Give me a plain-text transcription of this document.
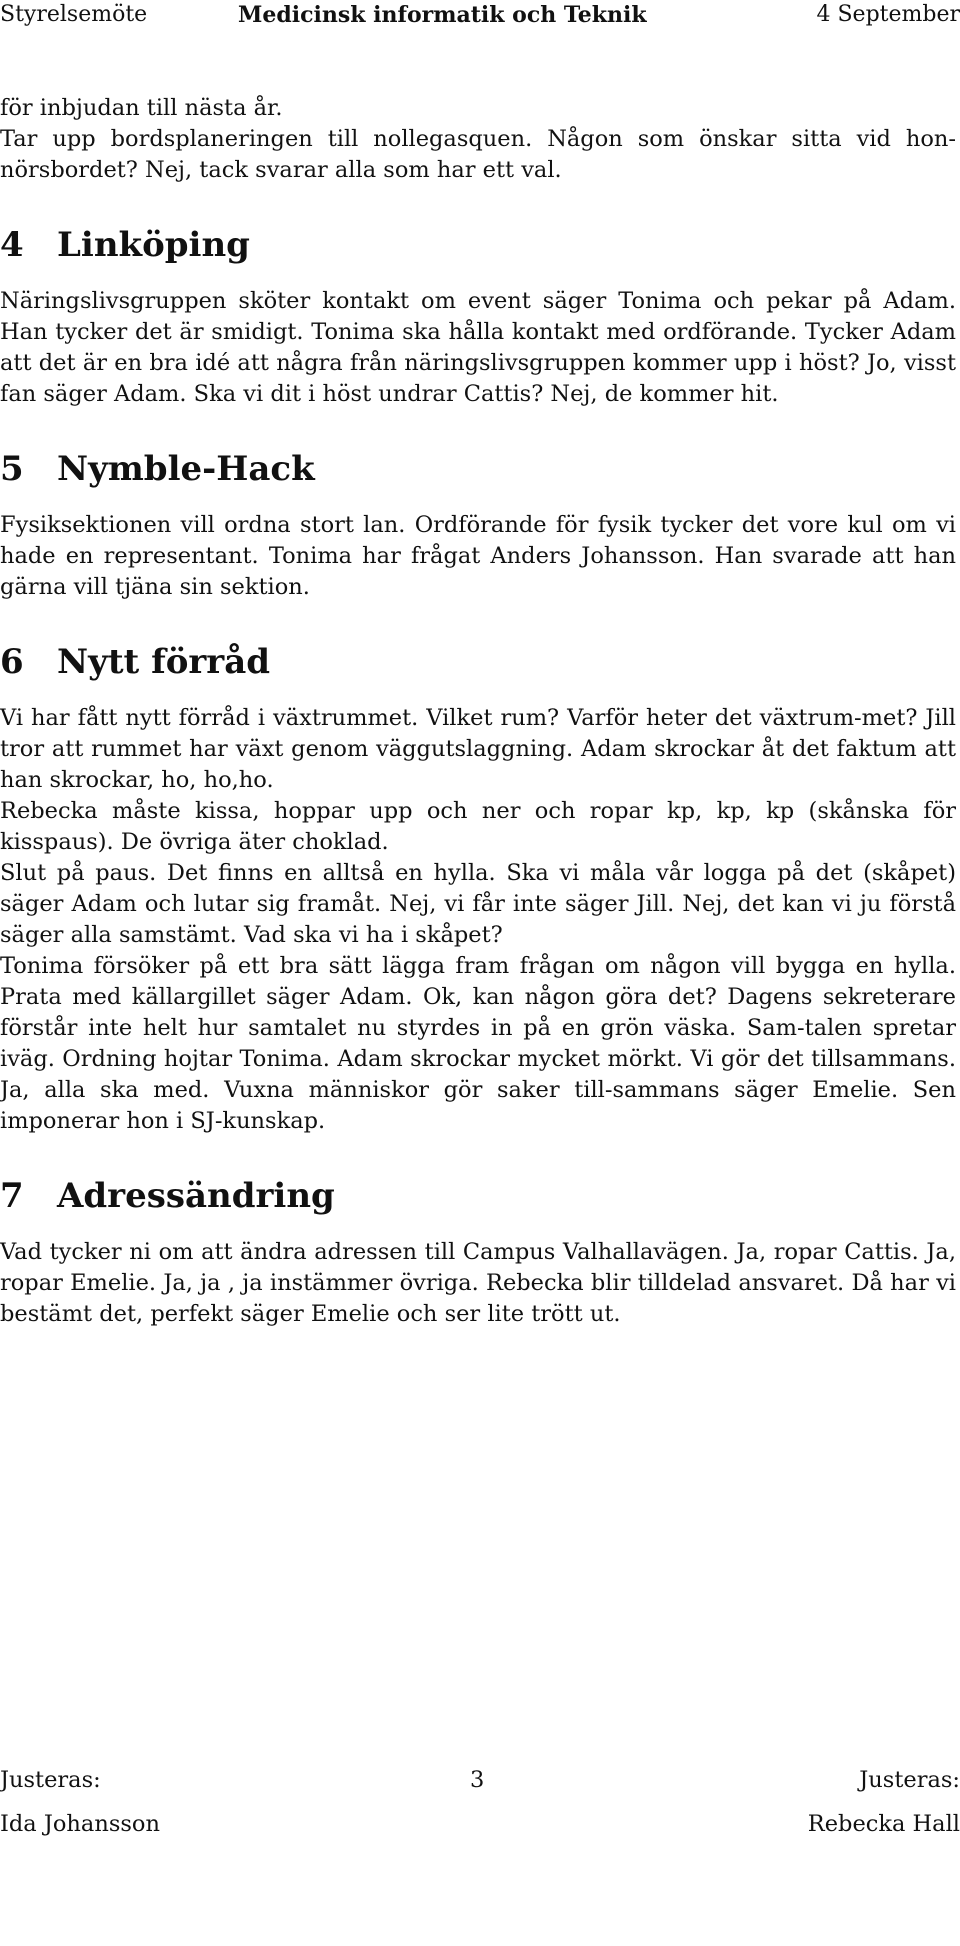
Styrelsemöte	Medicinsk informatik och Teknik	4 September

för inbjudan till nästa år.

Tar upp bordsplaneringen till nollegasquen. Någon som önskar sitta vid hon-nörsbordet? Nej, tack svarar alla som har ett val.

4 Linköping

Näringslivsgruppen sköter kontakt om event säger Tonima och pekar på Adam. Han tycker det är smidigt. Tonima ska hålla kontakt med ordförande. Tycker Adam att det är en bra idé att några från näringslivsgruppen kommer upp i höst? Jo, visst fan säger Adam. Ska vi dit i höst undrar Cattis? Nej, de kommer hit.

5 Nymble-Hack

Fysiksektionen vill ordna stort lan. Ordförande för fysik tycker det vore kul om vi hade en representant. Tonima har frågat Anders Johansson. Han svarade att han gärna vill tjäna sin sektion.

6 Nytt förråd

Vi har fått nytt förråd i växtrummet. Vilket rum? Varför heter det växtrum-met? Jill tror att rummet har växt genom väggutslaggning. Adam skrockar åt det faktum att han skrockar, ho, ho,ho.

Rebecka måste kissa, hoppar upp och ner och ropar kp, kp, kp (skånska för kisspaus). De övriga äter choklad.

Slut på paus. Det finns en alltså en hylla. Ska vi måla vår logga på det (skåpet) säger Adam och lutar sig framåt. Nej, vi får inte säger Jill. Nej, det kan vi ju förstå säger alla samstämt. Vad ska vi ha i skåpet?

Tonima försöker på ett bra sätt lägga fram frågan om någon vill bygga en hylla. Prata med källargillet säger Adam. Ok, kan någon göra det? Dagens sekreterare förstår inte helt hur samtalet nu styrdes in på en grön väska. Sam-talen spretar iväg. Ordning hojtar Tonima. Adam skrockar mycket mörkt. Vi gör det tillsammans. Ja, alla ska med. Vuxna människor gör saker till-sammans säger Emelie. Sen imponerar hon i SJ-kunskap.

7 Adressändring

Vad tycker ni om att ändra adressen till Campus Valhallavägen. Ja, ropar Cattis. Ja, ropar Emelie. Ja, ja , ja instämmer övriga. Rebecka blir tilldelad ansvaret. Då har vi bestämt det, perfekt säger Emelie och ser lite trött ut.

Justeras:	3	Justeras:
Ida Johansson	Rebecka Hall
